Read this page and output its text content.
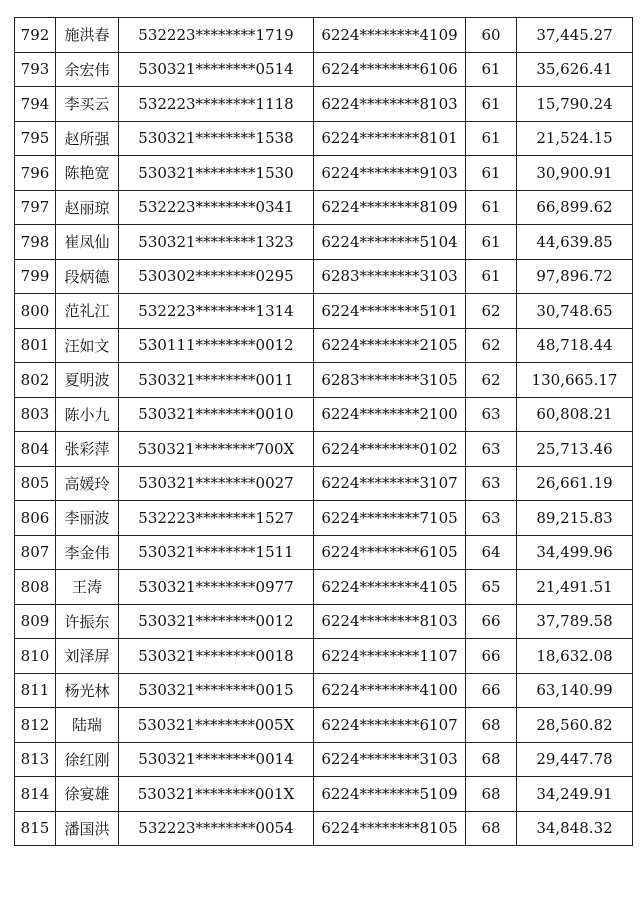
792	施洪春	532223********1719	6224********4109	60	37,445.27
793	余宏伟	530321********0514	6224********6106	61	35,626.41
794	李买云	532223********1118	6224********8103	61	15,790.24
795	赵所强	530321********1538	6224********8101	61	21,524.15
796	陈艳宽	530321********1530	6224********9103	61	30,900.91
797	赵丽琼	532223********0341	6224********8109	61	66,899.62
798	崔凤仙	530321********1323	6224********5104	61	44,639.85
799	段炳德	530302********0295	6283********3103	61	97,896.72
800	范礼江	532223********1314	6224********5101	62	30,748.65
801	汪如文	530111********0012	6224********2105	62	48,718.44
802	夏明波	530321********0011	6283********3105	62	130,665.17
803	陈小九	530321********0010	6224********2100	63	60,808.21
804	张彩萍	530321********700X	6224********0102	63	25,713.46
805	高媛玲	530321********0027	6224********3107	63	26,661.19
806	李丽波	532223********1527	6224********7105	63	89,215.83
807	李金伟	530321********1511	6224********6105	64	34,499.96
808	王涛	530321********0977	6224********4105	65	21,491.51
809	许振东	530321********0012	6224********8103	66	37,789.58
810	刘泽屏	530321********0018	6224********1107	66	18,632.08
811	杨光林	530321********0015	6224********4100	66	63,140.99
812	陆瑞	530321********005X	6224********6107	68	28,560.82
813	徐红刚	530321********0014	6224********3103	68	29,447.78
814	徐宴雄	530321********001X	6224********5109	68	34,249.91
815	潘国洪	532223********0054	6224********8105	68	34,848.32
